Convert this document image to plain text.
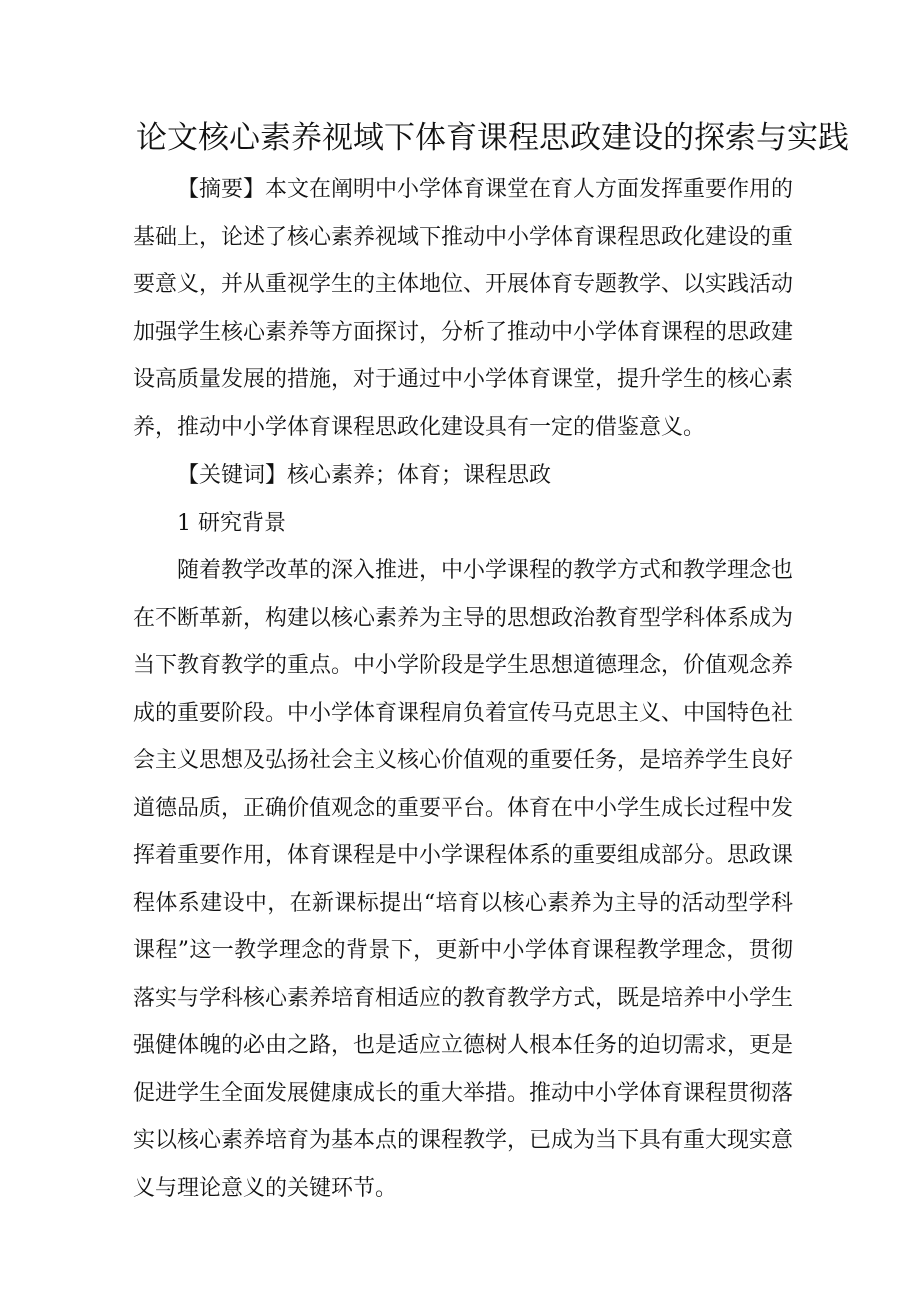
论文核心素养视域下体育课程思政建设的探索与实践

【摘要】本文在阐明中小学体育课堂在育人方面发挥重要作用的基础上，论述了核心素养视域下推动中小学体育课程思政化建设的重要意义，并从重视学生的主体地位、开展体育专题教学、以实践活动加强学生核心素养等方面探讨，分析了推动中小学体育课程的思政建设高质量发展的措施，对于通过中小学体育课堂，提升学生的核心素养，推动中小学体育课程思政化建设具有一定的借鉴意义。

【关键词】核心素养；体育；课程思政

1 研究背景

随着教学改革的深入推进，中小学课程的教学方式和教学理念也在不断革新，构建以核心素养为主导的思想政治教育型学科体系成为当下教育教学的重点。中小学阶段是学生思想道德理念，价值观念养成的重要阶段。中小学体育课程肩负着宣传马克思主义、中国特色社会主义思想及弘扬社会主义核心价值观的重要任务，是培养学生良好道德品质，正确价值观念的重要平台。体育在中小学生成长过程中发挥着重要作用，体育课程是中小学课程体系的重要组成部分。思政课程体系建设中，在新课标提出“培育以核心素养为主导的活动型学科课程”这一教学理念的背景下，更新中小学体育课程教学理念，贯彻落实与学科核心素养培育相适应的教育教学方式，既是培养中小学生强健体魄的必由之路，也是适应立德树人根本任务的迫切需求，更是促进学生全面发展健康成长的重大举措。推动中小学体育课程贯彻落实以核心素养培育为基本点的课程教学，已成为当下具有重大现实意义与理论意义的关键环节。
